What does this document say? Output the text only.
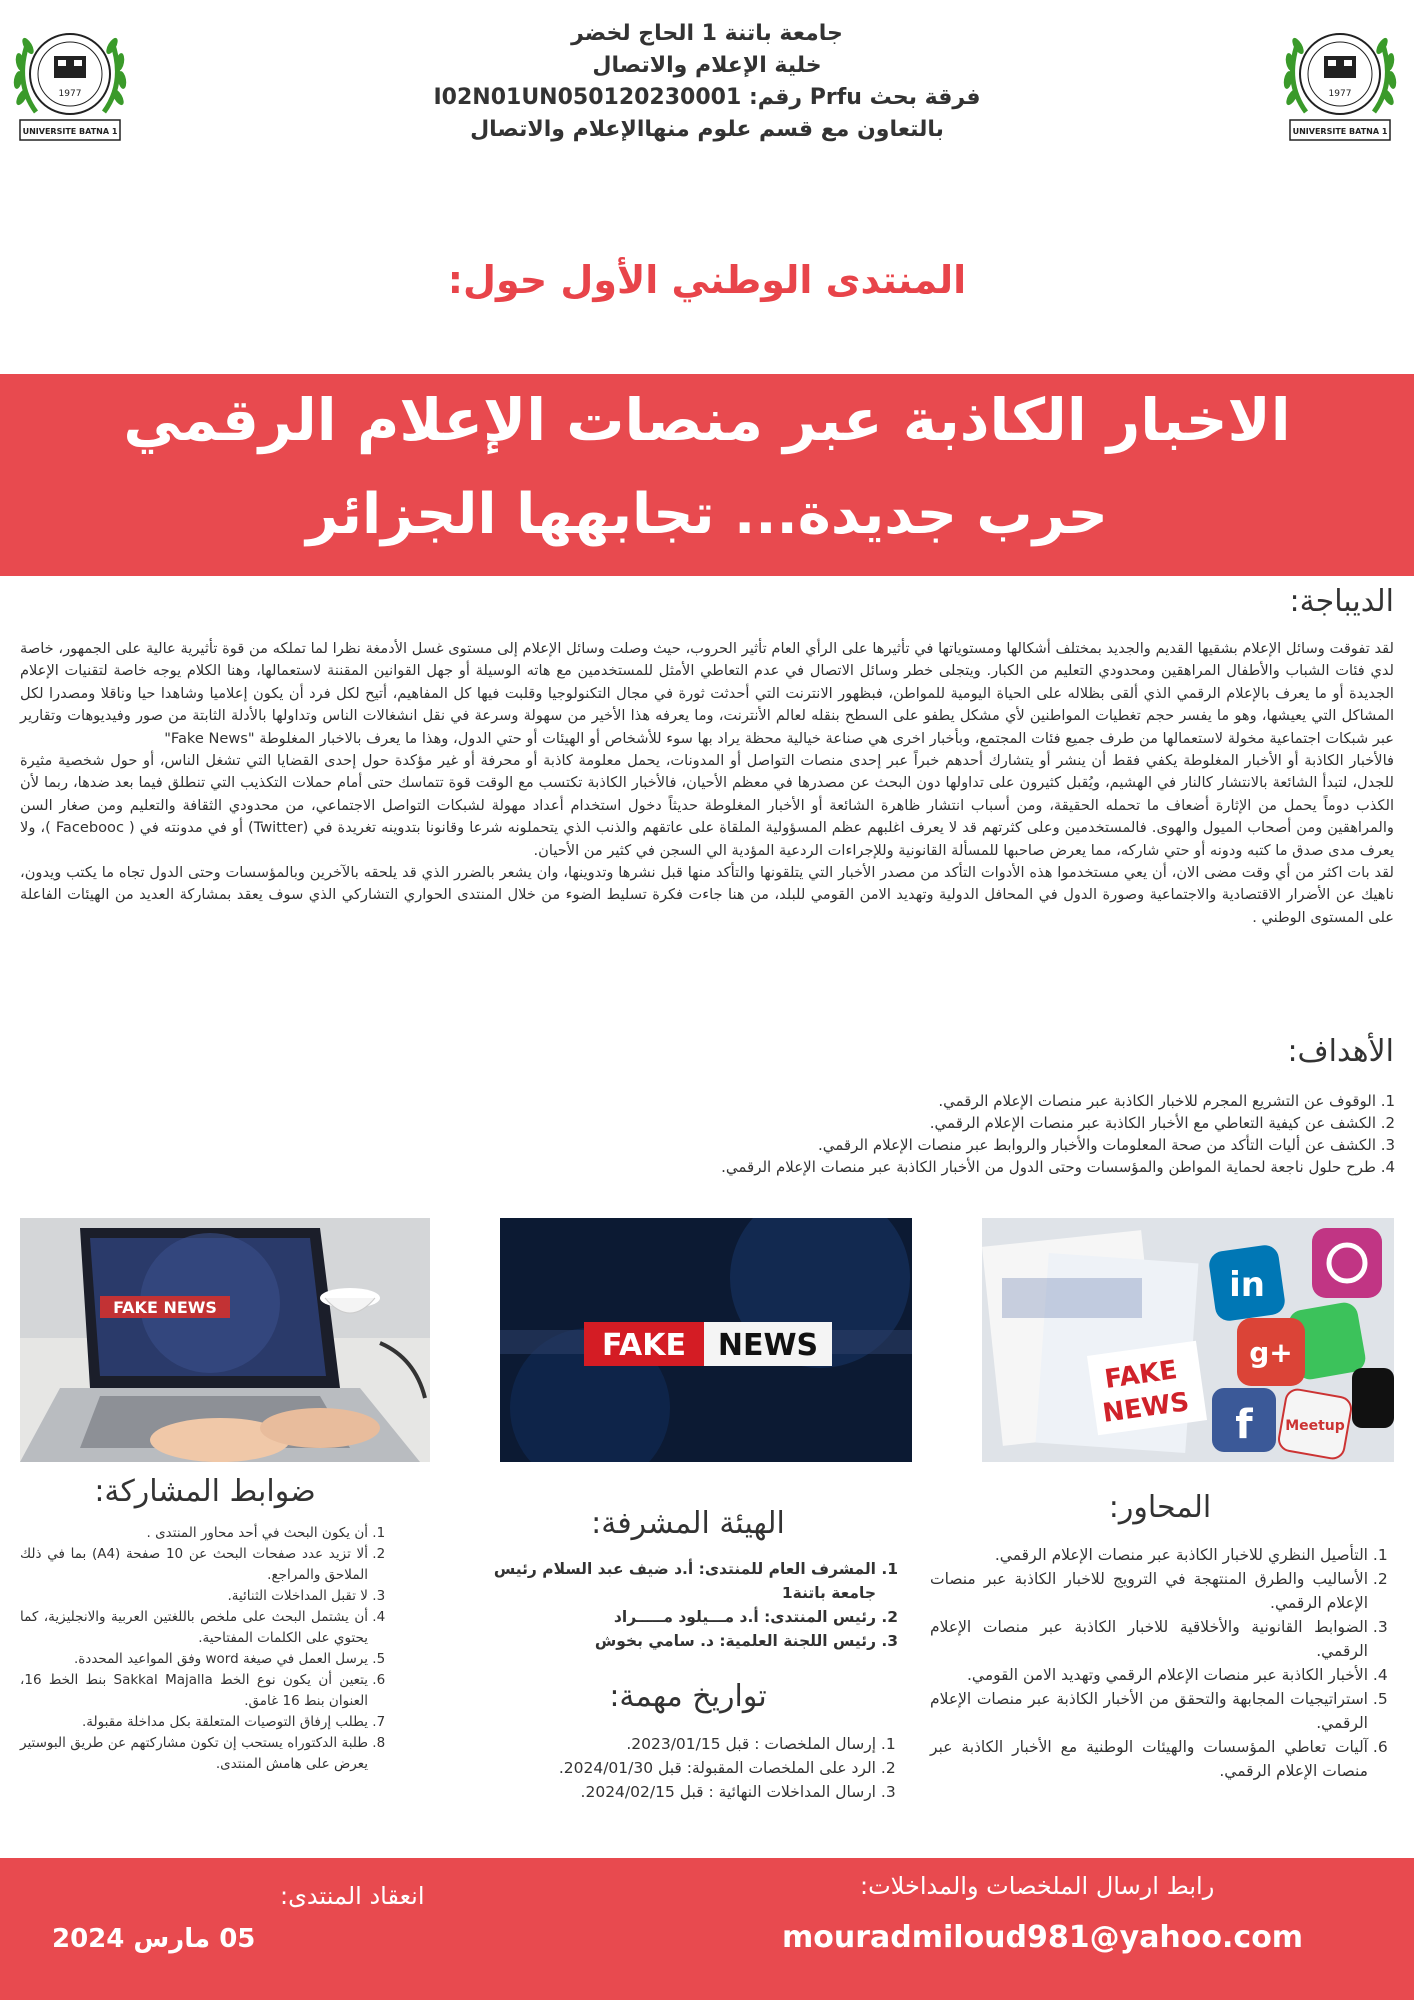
1977
UNIVERSITE BATNA 1
1977
UNIVERSITE BATNA 1
جامعة باتنة 1 الحاج لخضر
خلية الإعلام والاتصال
فرقة بحث Prfu رقم: I02N01UN050120230001
بالتعاون مع قسم علوم منهاالإعلام والاتصال
المنتدى الوطني الأول حول:
الاخبار الكاذبة عبر منصات الإعلام الرقمي
حرب جديدة... تجابهها الجزائر
الديباجة:

لقد تفوقت وسائل الإعلام بشقيها القديم والجديد بمختلف أشكالها ومستوياتها في تأثيرها على الرأي العام تأثير الحروب، حيث وصلت وسائل الإعلام إلى مستوى غسل الأدمغة نظرا لما تملكه من قوة تأثيرية عالية على الجمهور، خاصة لدي فئات الشباب والأطفال المراهقين ومحدودي التعليم من الكبار. ويتجلى خطر وسائل الاتصال في عدم التعاطي الأمثل للمستخدمين مع هاته الوسيلة أو جهل القوانين المقننة لاستعمالها، وهنا الكلام يوجه خاصة لتقنيات الإعلام الجديدة أو ما يعرف بالإعلام الرقمي الذي ألقى بظلاله على الحياة اليومية للمواطن، فبظهور الانترنت التي أحدثت ثورة في مجال التكنولوجيا وقلبت فيها كل المفاهيم، أتيح لكل فرد أن يكون إعلاميا وشاهدا حيا وناقلا ومصدرا لكل المشاكل التي يعيشها، وهو ما يفسر حجم تغطيات المواطنين لأي مشكل يطفو على السطح بنقله لعالم الأنترنت، وما يعرفه هذا الأخير من سهولة وسرعة في نقل انشغالات الناس وتداولها بالأدلة الثابتة من صور وفيديوهات وتقارير عبر شبكات اجتماعية مخولة لاستعمالها من طرف جميع فئات المجتمع، وبأخبار اخرى هي صناعة خيالية محظة يراد بها سوء للأشخاص أو الهيئات أو حتي الدول، وهذا ما يعرف بالاخبار المغلوطة "Fake News"

فالأخبار الكاذبة أو الأخبار المغلوطة يكفي فقط أن ينشر أو يتشارك أحدهم خبراً عبر إحدى منصات التواصل أو المدونات، يحمل معلومة كاذبة أو محرفة أو غير مؤكدة حول إحدى القضايا التي تشغل الناس، أو حول شخصية مثيرة للجدل، لتبدأ الشائعة بالانتشار كالنار في الهشيم، ويُقبل كثيرون على تداولها دون البحث عن مصدرها في معظم الأحيان، فالأخبار الكاذبة تكتسب مع الوقت قوة تتماسك حتى أمام حملات التكذيب التي تنطلق فيما بعد ضدها، ربما لأن الكذب دوماً يحمل من الإثارة أضعاف ما تحمله الحقيقة، ومن أسباب انتشار ظاهرة الشائعة أو الأخبار المغلوطة حديثاً دخول استخدام أعداد مهولة لشبكات التواصل الاجتماعي، من محدودي الثقافة والتعليم ومن صغار السن والمراهقين ومن أصحاب الميول والهوى. فالمستخدمين وعلى كثرتهم قد لا يعرف اغلبهم عظم المسؤولية الملقاة على عاتقهم والذنب الذي يتحملونه شرعا وقانونا بتدوينه تغريدة في (Twitter) أو في مدونته في ( Facebooc )، ولا يعرف مدى صدق ما كتبه ودونه أو حتي شاركه، مما يعرض صاحبها للمسألة القانونية وللإجراءات الردعية المؤدية الي السجن في كثير من الأحيان.

لقد بات اكثر من أي وقت مضى الان، أن يعي مستخدموا هذه الأدوات التأكد من مصدر الأخبار التي يتلقونها والتأكد منها قبل نشرها وتدوينها، وان يشعر بالضرر الذي قد يلحقه بالآخرين وبالمؤسسات وحتى الدول تجاه ما يكتب ويدون، ناهيك عن الأضرار الاقتصادية والاجتماعية وصورة الدول في المحافل الدولية وتهديد الامن القومي للبلد، من هنا جاءت فكرة تسليط الضوء من خلال المنتدى الحواري التشاركي الذي سوف يعقد بمشاركة العديد من الهيئات الفاعلة على المستوى الوطني .

الأهداف:
1. الوقوف عن التشريع المجرم للاخبار الكاذبة عبر منصات الإعلام الرقمي.
2. الكشف عن كيفية التعاطي مع الأخبار الكاذبة عبر منصات الإعلام الرقمي.
3. الكشف عن أليات التأكد من صحة المعلومات والأخبار والروابط عبر منصات الإعلام الرقمي.
4. طرح حلول ناجعة لحماية المواطن والمؤسسات وحتى الدول من الأخبار الكاذبة عبر منصات الإعلام الرقمي.
FAKE NEWS
FAKE NEWS
in
g+
f Meetup
FAKE
NEWS
المحاور:
1. التأصيل النظري للاخبار الكاذبة عبر منصات الإعلام الرقمي.
2. الأساليب والطرق المنتهجة في الترويج للاخبار الكاذبة عبر منصات الإعلام الرقمي.
3. الضوابط القانونية والأخلاقية للاخبار الكاذبة عبر منصات الإعلام الرقمي.
4. الأخبار الكاذبة عبر منصات الإعلام الرقمي وتهديد الامن القومي.
5. استراتيجيات المجابهة والتحقق من الأخبار الكاذبة عبر منصات الإعلام الرقمي.
6. آليات تعاطي المؤسسات والهيئات الوطنية مع الأخبار الكاذبة عبر منصات الإعلام الرقمي.
الهيئة المشرفة:
1. المشرف العام للمنتدى: أ.د ضيف عبد السلام رئيس جامعة باتنة1
2. رئيس المنتدى: أ.د مـــيلود مـــــراد
3. رئيس اللجنة العلمية: د. سامي بخوش
تواريخ مهمة:
1. إرسال الملخصات : قبل 2023/01/15.
2. الرد على الملخصات المقبولة: قبل 2024/01/30.
3. ارسال المداخلات النهائية : قبل 2024/02/15.
ضوابط المشاركة:
1. أن يكون البحث في أحد محاور المنتدى .
2. ألا تزيد عدد صفحات البحث عن 10 صفحة (A4) بما في ذلك الملاحق والمراجع.
3. لا تقبل المداخلات الثنائية.
4. أن يشتمل البحث على ملخص باللغتين العربية والانجليزية، كما يحتوي على الكلمات المفتاحية.
5. يرسل العمل في صيغة word وفق المواعيد المحددة.
6. يتعين أن يكون نوع الخط Sakkal Majalla بنط الخط 16، العنوان بنط 16 غامق.
7. يطلب إرفاق التوصيات المتعلقة بكل مداخلة مقبولة.
8. طلبة الدكتوراه يستحب إن تكون مشاركتهم عن طريق البوستير يعرض على هامش المنتدى.
رابط ارسال الملخصات والمداخلات:
mouradmiloud981@yahoo.com
انعقاد المنتدى:
05 مارس 2024
